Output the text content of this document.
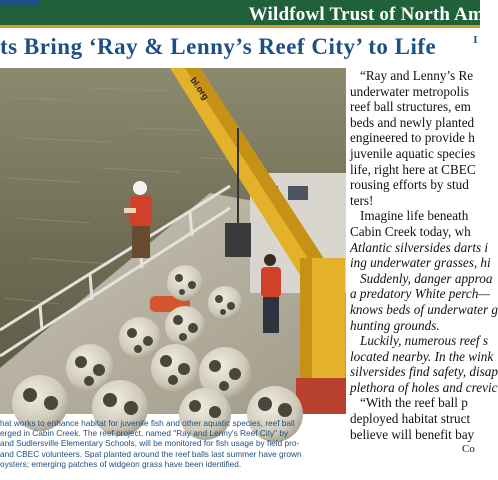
Wildfowl Trust of North Am
ts Bring ‘Ray & Lenny’s Reef City’ to Life	I
bl.org
hat works to enhance habitat for juvenile fish and other aquatic species, reef ball
erged in Cabin Creek. The reef project, named "Ray and Lenny's Reef City" by
and Sudlersville Elementary Schools, will be monitored for fish usage by field pro-
and CBEC volunteers. Spat planted around the reef balls last summer have grown
oysters; emerging patches of widgeon grass have been identified.
“Ray and Lenny’s Re
underwater metropolis
reef ball structures, em
beds and newly planted
engineered to provide h
juvenile aquatic species
life, right here at CBEC
rousing efforts by stud
ters!
Imagine life beneath
Cabin Creek today, wh
Atlantic silversides darts i
ing underwater grasses, hi
Suddenly, danger approa
a predatory White perch—
knows beds of underwater g
hunting grounds.
Luckily, numerous reef s
located nearby. In the wink
silversides find safety, disap
plethora of holes and crevic
“With the reef ball p
deployed habitat struct
believe will benefit bay
Co
